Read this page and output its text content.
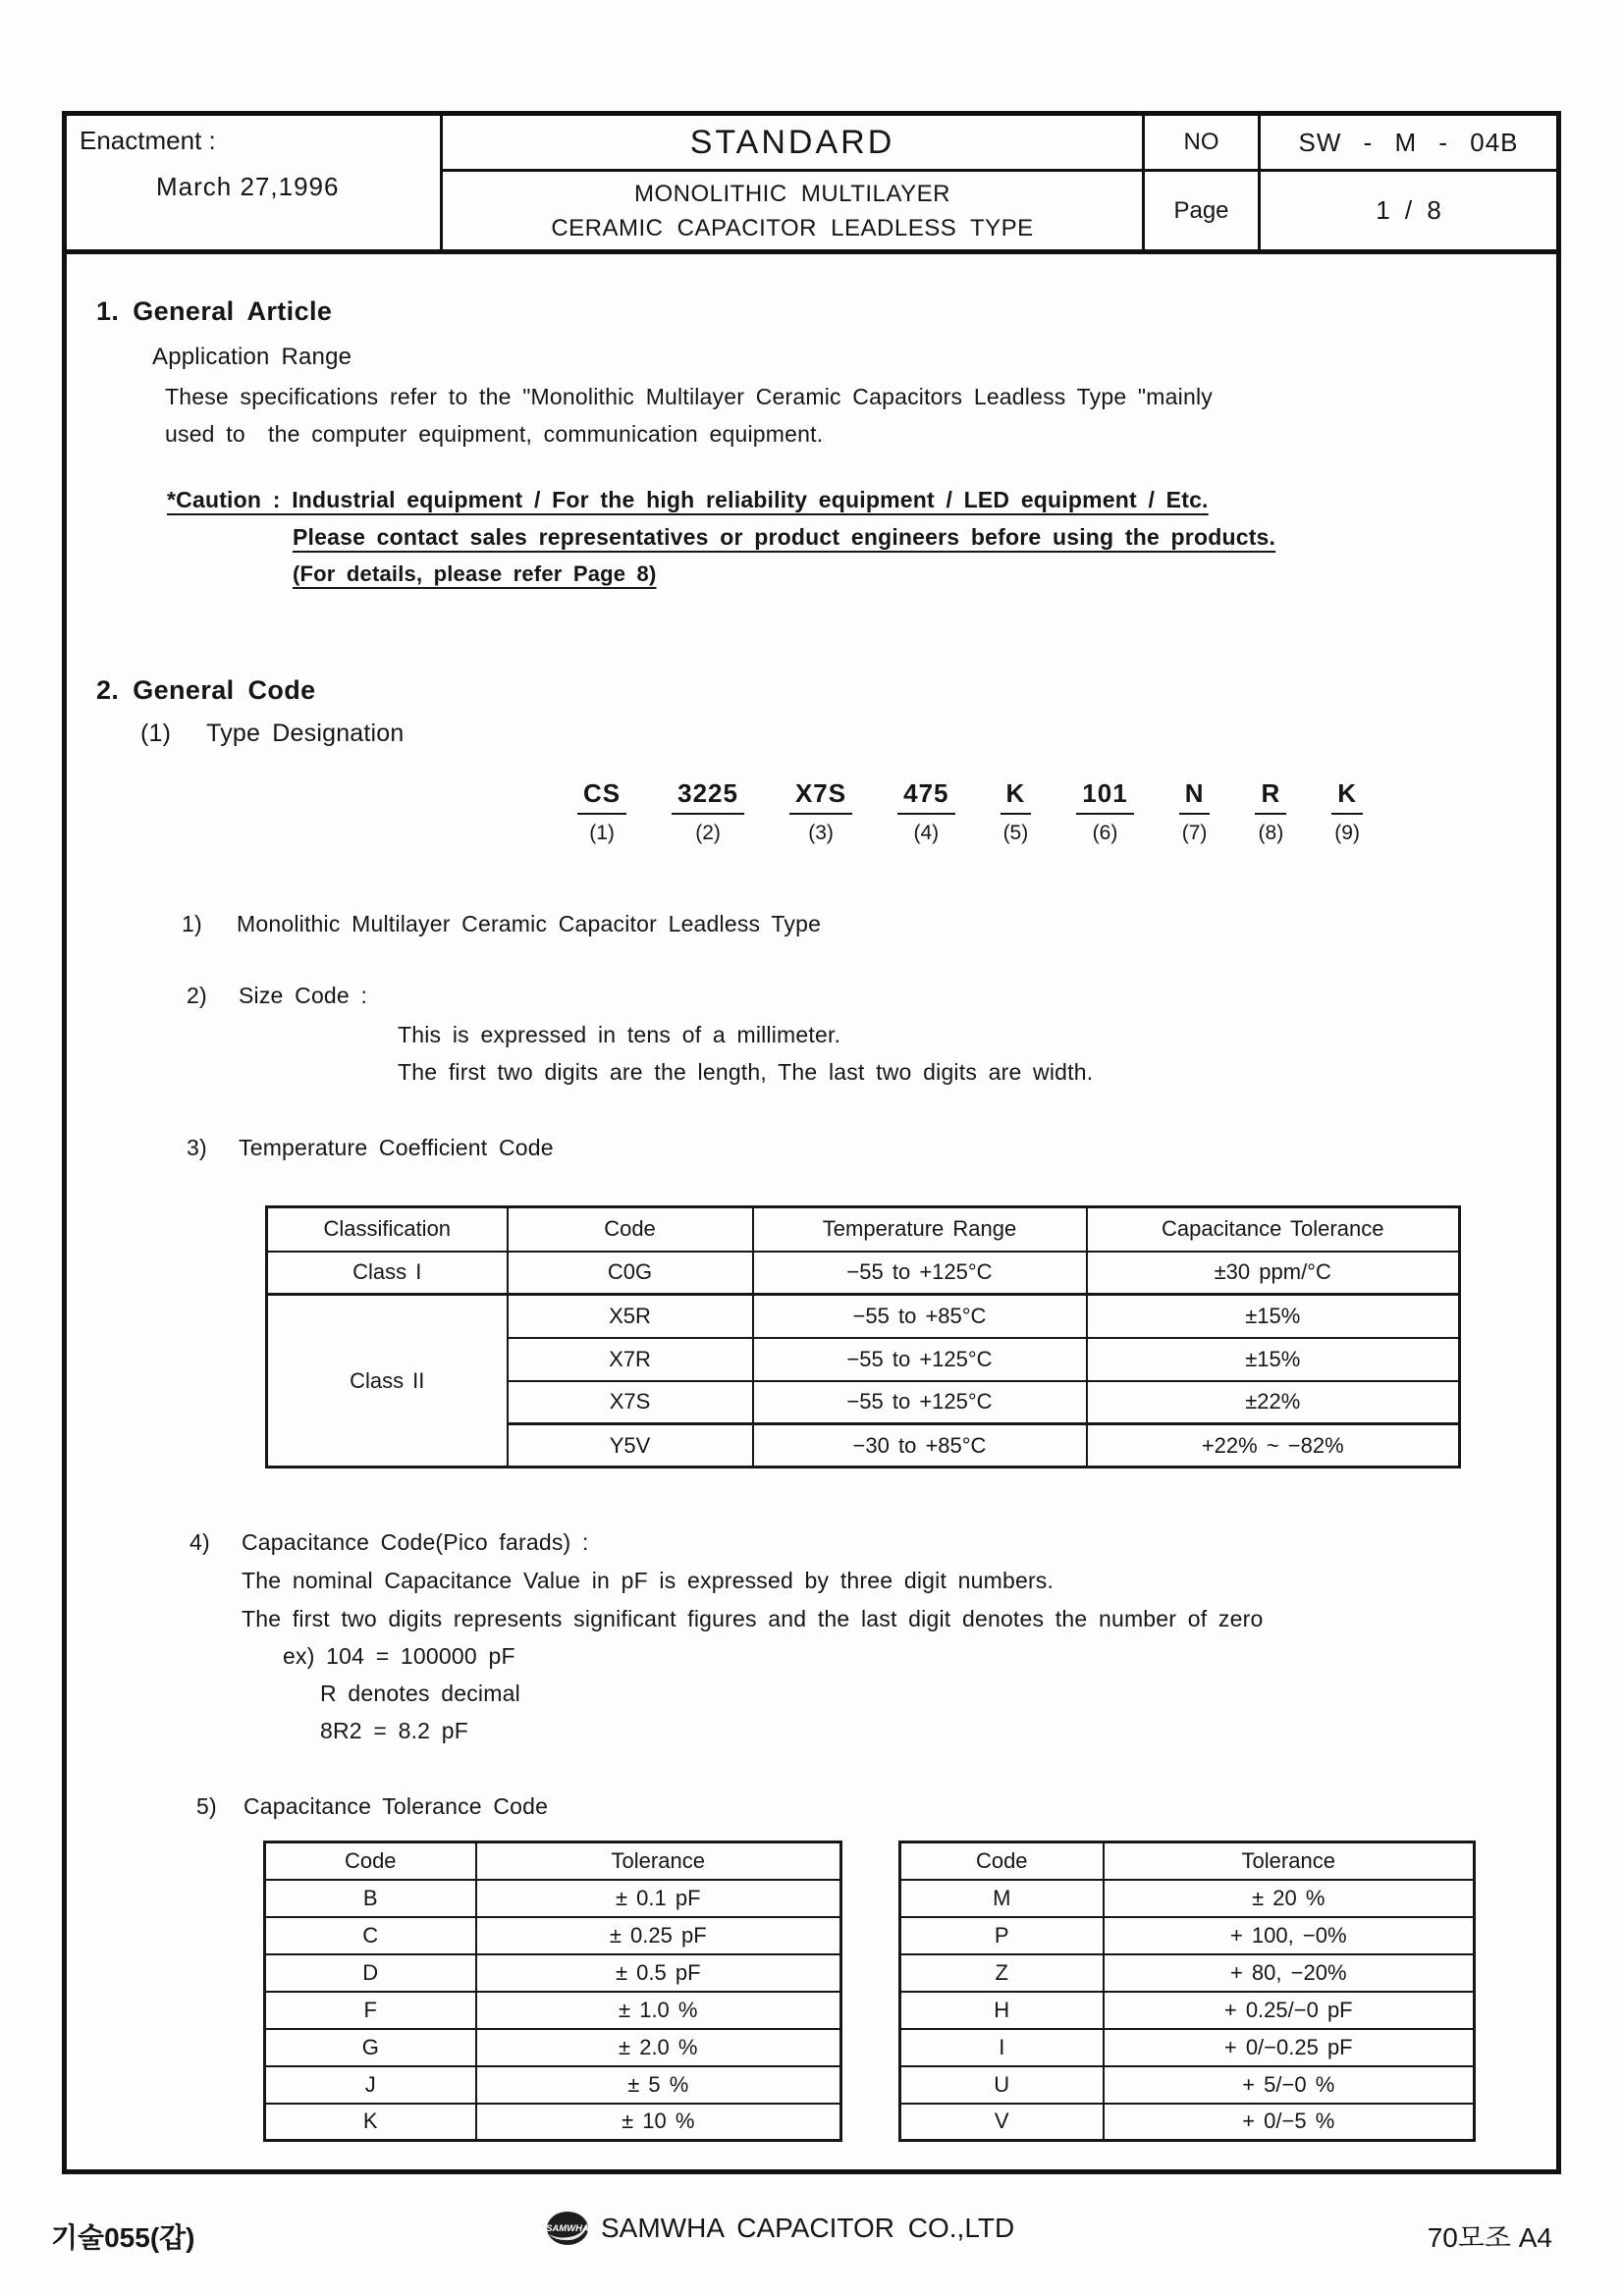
Enactment :
March 27,1996
STANDARD	NO	SW - M - 04B
MONOLITHIC MULTILAYER
CERAMIC CAPACITOR LEADLESS TYPE
Page	1 / 8
1. General Article
Application Range
These specifications refer to the "Monolithic Multilayer Ceramic Capacitors Leadless Type "mainly
used to  the computer equipment, communication equipment.
*Caution : Industrial equipment / For the high reliability equipment / LED equipment / Etc.
Please contact sales representatives or product engineers before using the products.
(For details, please refer Page 8)
2. General Code
(1)   Type Designation
CS
(1)
3225
(2)
X7S
(3)
475
(4)
K
(5)
101
(6)
N
(7)
R
(8)
K
(9)
1) Monolithic Multilayer Ceramic Capacitor Leadless Type
2) Size Code :
This is expressed in tens of a millimeter.
The first two digits are the length, The last two digits are width.
3) Temperature Coefficient Code
Classification	Code	Temperature Range	Capacitance Tolerance
Class I	C0G	−55 to +125°C	±30 ppm/°C
Class II	X5R	−55 to +85°C	±15%
	X7R	−55 to +125°C	±15%
	X7S	−55 to +125°C	±22%
	Y5V	−30 to +85°C	+22% ~ −82%
4) Capacitance Code(Pico farads) :
The nominal Capacitance Value in pF is expressed by three digit numbers.
The first two digits represents significant figures and the last digit denotes the number of zero
ex) 104 = 100000 pF
R denotes decimal
8R2 = 8.2 pF
5) Capacitance Tolerance Code
Code	Tolerance
B	± 0.1 pF
C	± 0.25 pF
D	± 0.5 pF
F	± 1.0 %
G	± 2.0 %
J	± 5 %
K	± 10 %
Code	Tolerance
M	± 20 %
P	+ 100, −0%
Z	+ 80, −20%
H	+ 0.25/−0 pF
I	+ 0/−0.25 pF
U	+ 5/−0 %
V	+ 0/−5 %
기술055(갑)	SAMWHA SAMWHA CAPACITOR CO.,LTD	70모조 A4
